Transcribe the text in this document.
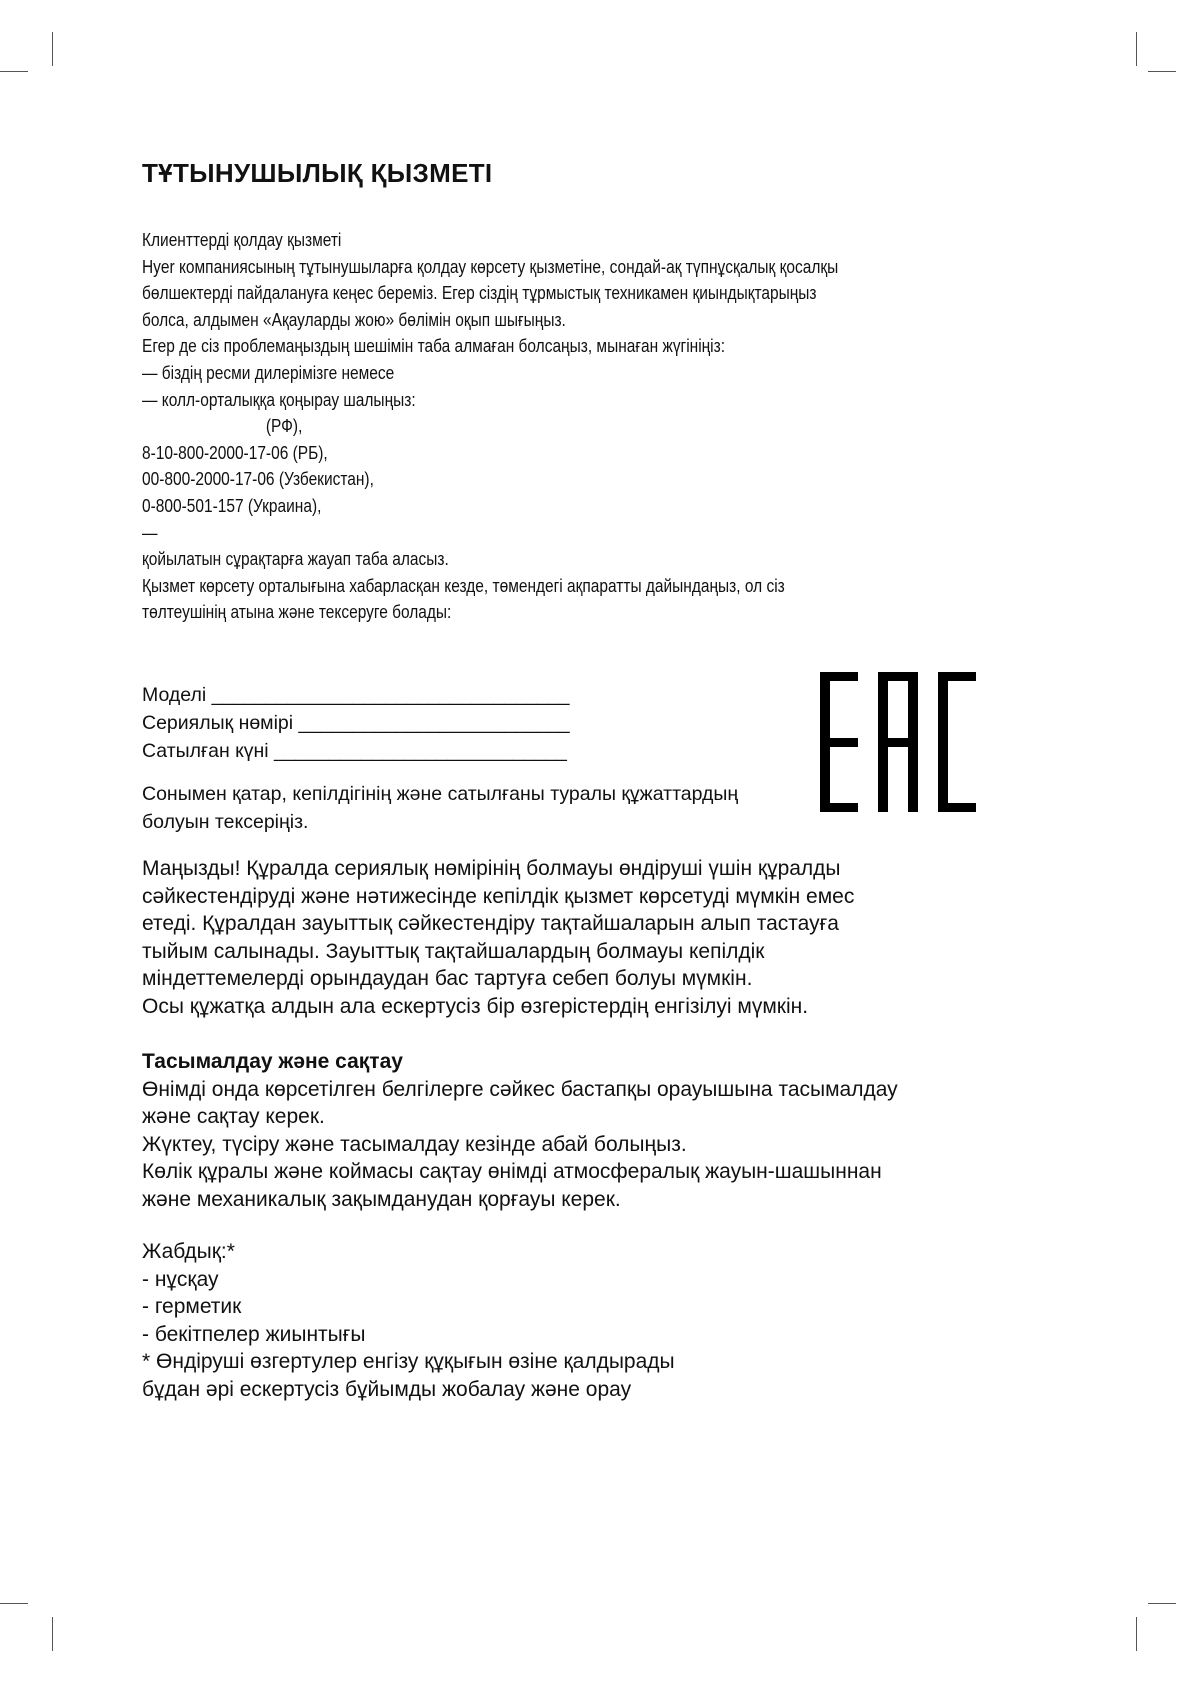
ТҰТЫНУШЫЛЫҚ ҚЫЗМЕТІ
Клиенттерді қолдау қызметі
Hyer компаниясының тұтынушыларға қолдау көрсету қызметіне, сондай-ақ түпнұсқалық қосалқы
бөлшектерді пайдалануға кеңес береміз. Егер сіздің тұрмыстық техникамен қиындықтарыңыз
болса, алдымен «Ақауларды жою» бөлімін оқып шығыңыз.
Егер де сіз проблемаңыздың шешімін таба алмаған болсаңыз, мынаған жүгініңіз:
— біздің ресми дилерімізге немесе
— колл-орталыққа қоңырау шалыңыз:
(РФ),
8-10-800-2000-17-06 (РБ),
00-800-2000-17-06 (Узбекистан),
0-800-501-157 (Украина),
—
қойылатын сұрақтарға жауап таба аласыз.
Қызмет көрсету орталығына хабарласқан кезде, төмендегі ақпаратты дайындаңыз, ол сіз
төлтеушінің атына және тексеруге болады:
Моделі _________________________________
Сериялық нөмірі _________________________
Сатылған күні ___________________________
Сонымен қатар, кепілдігінің және сатылғаны туралы құжаттардың
болуын тексеріңіз.
Маңызды! Құралда сериялық нөмірінің болмауы өндіруші үшін құралды
сәйкестендіруді және нәтижесінде кепілдік қызмет көрсетуді мүмкін емес
етеді. Құралдан зауыттық сәйкестендіру тақтайшаларын алып тастауға
тыйым салынады. Зауыттық тақтайшалардың болмауы кепілдік
міндеттемелерді орындаудан бас тартуға себеп болуы мүмкін.
Осы құжатқа алдын ала ескертусіз бір өзгерістердің енгізілуі мүмкін.
Тасымалдау және сақтау
Өнімді онда көрсетілген белгілерге сәйкес бастапқы орауышына тасымалдау
және сақтау керек.
Жүктеу, түсіру және тасымалдау кезінде абай болыңыз.
Көлік құралы және коймасы сақтау өнімді атмосфералық жауын-шашыннан
және механикалық зақымданудан қорғауы керек.
Жабдық:*
- нұсқау
- герметик
- бекітпелер жиынтығы
* Өндіруші өзгертулер енгізу құқығын өзіне қалдырады
бұдан әрі ескертусіз бұйымды жобалау және орау
